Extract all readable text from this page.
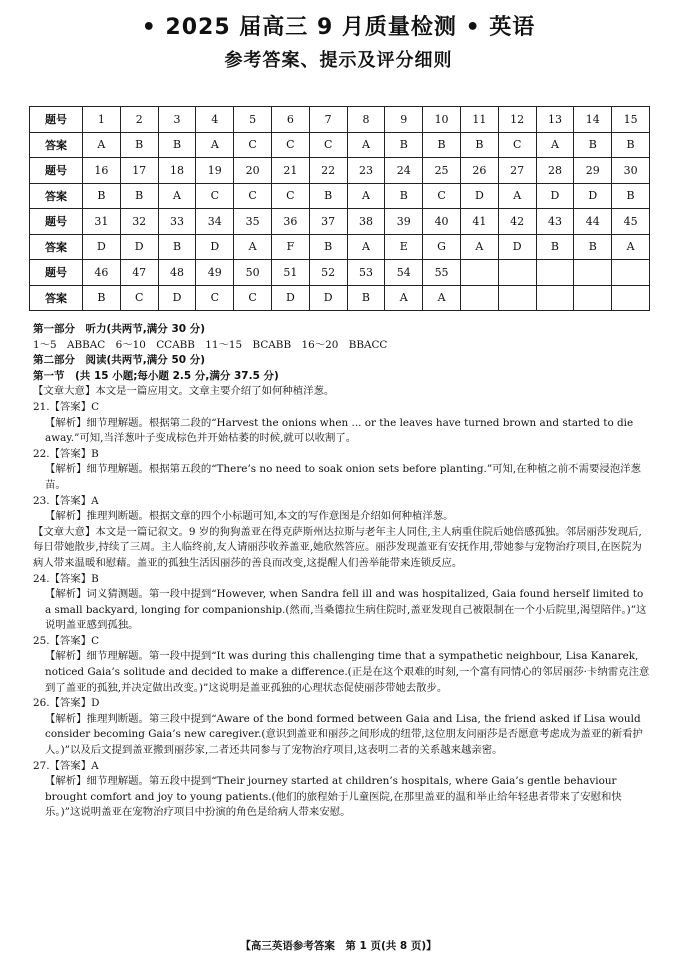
• 2025 届高三 9 月质量检测 • 英语
参考答案、提示及评分细则
题号	1	2	3	4	5	6	7	8	9	10	11	12	13	14	15
答案	A	B	B	A	C	C	C	A	B	B	B	C	A	B	B
题号	16	17	18	19	20	21	22	23	24	25	26	27	28	29	30
答案	B	B	A	C	C	C	B	A	B	C	D	A	D	D	B
题号	31	32	33	34	35	36	37	38	39	40	41	42	43	44	45
答案	D	D	B	D	A	F	B	A	E	G	A	D	B	B	A
题号	46	47	48	49	50	51	52	53	54	55					
答案	B	C	D	C	C	D	D	B	A	A					

第一部分　听力(共两节,满分 30 分)

1～5　ABBAC　6～10　CCABB　11～15　BCABB　16～20　BBACC

第二部分　阅读(共两节,满分 50 分)

第一节　(共 15 小题;每小题 2.5 分,满分 37.5 分)

【文章大意】本文是一篇应用文。文章主要介绍了如何种植洋葱。

21.【答案】C

【解析】细节理解题。根据第二段的“Harvest the onions when ... or the leaves have turned brown and started to die away.”可知,当洋葱叶子变成棕色并开始枯萎的时候,就可以收割了。

22.【答案】B

【解析】细节理解题。根据第五段的“There’s no need to soak onion sets before planting.”可知,在种植之前不需要浸泡洋葱苗。

23.【答案】A

【解析】推理判断题。根据文章的四个小标题可知,本文的写作意图是介绍如何种植洋葱。

【文章大意】本文是一篇记叙文。9 岁的狗狗盖亚在得克萨斯州达拉斯与老年主人同住,主人病重住院后她倍感孤独。邻居丽莎发现后,每日带她散步,持续了三周。主人临终前,友人请丽莎收养盖亚,她欣然答应。丽莎发现盖亚有安抚作用,带她参与宠物治疗项目,在医院为病人带来温暖和慰藉。盖亚的孤独生活因丽莎的善良而改变,这提醒人们善举能带来连锁反应。

24.【答案】B

【解析】词义猜测题。第一段中提到“However, when Sandra fell ill and was hospitalized, Gaia found herself limited to a small backyard, longing for companionship.(然而,当桑德拉生病住院时,盖亚发现自己被限制在一个小后院里,渴望陪伴。)”这说明盖亚感到孤独。

25.【答案】C

【解析】细节理解题。第一段中提到“It was during this challenging time that a sympathetic neighbour, Lisa Kanarek, noticed Gaia’s solitude and decided to make a difference.(正是在这个艰难的时刻,一个富有同情心的邻居丽莎·卡纳雷克注意到了盖亚的孤独,并决定做出改变。)”这说明是盖亚孤独的心理状态促使丽莎带她去散步。

26.【答案】D

【解析】推理判断题。第三段中提到“Aware of the bond formed between Gaia and Lisa, the friend asked if Lisa would consider becoming Gaia’s new caregiver.(意识到盖亚和丽莎之间形成的纽带,这位朋友问丽莎是否愿意考虑成为盖亚的新看护人。)”以及后文提到盖亚搬到丽莎家,二者还共同参与了宠物治疗项目,这表明二者的关系越来越亲密。

27.【答案】A

【解析】细节理解题。第五段中提到“Their journey started at children’s hospitals, where Gaia’s gentle behaviour brought comfort and joy to young patients.(他们的旅程始于儿童医院,在那里盖亚的温和举止给年轻患者带来了安慰和快乐。)”这说明盖亚在宠物治疗项目中扮演的角色是给病人带来安慰。

【高三英语参考答案　第 1 页(共 8 页)】
